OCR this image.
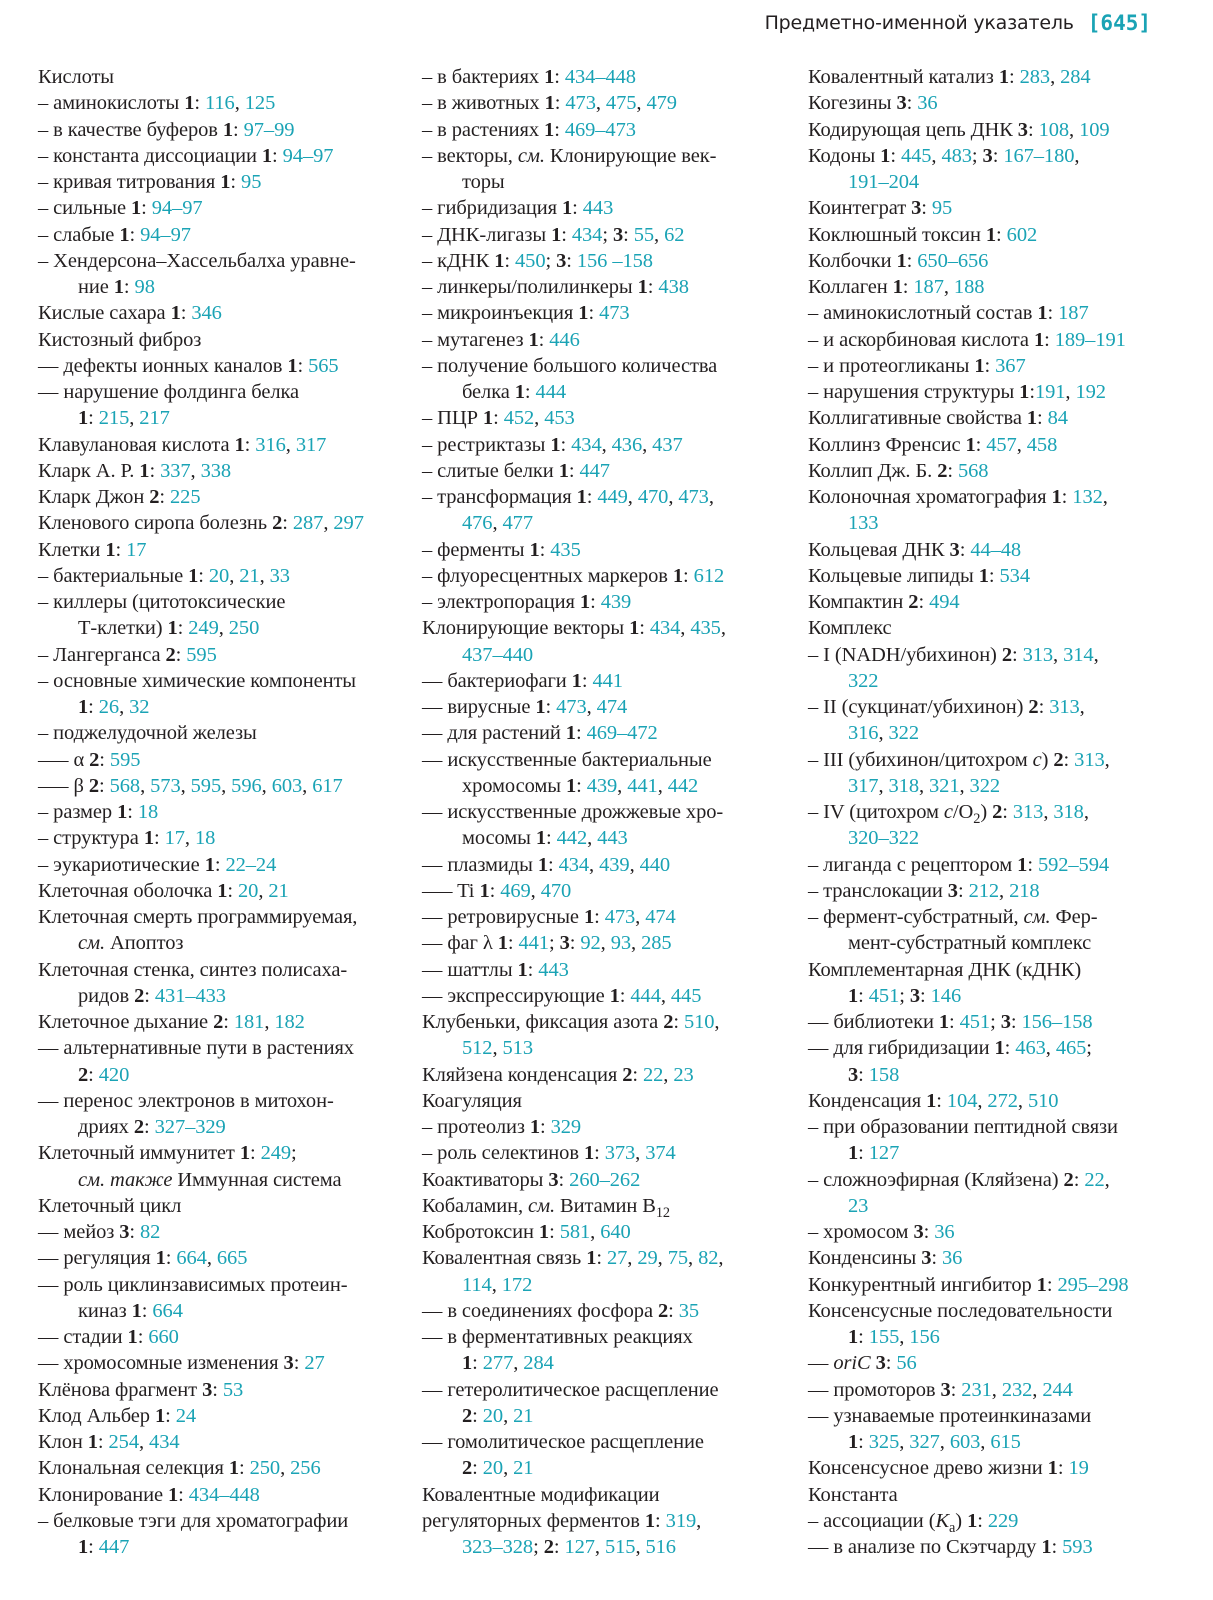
Предметно-именной указатель [645]
Кислоты
– аминокислоты 1: 116, 125
– в качестве буферов 1: 97–99
– константа диссоциации 1: 94–97
– кривая титрования 1: 95
– сильные 1: 94–97
– слабые 1: 94–97
– Хендерсона–Хассельбалха уравне-
ние 1: 98
Кислые сахара 1: 346
Кистозный фиброз
–– дефекты ионных каналов 1: 565
–– нарушение фолдинга белка
1: 215, 217
Клавулановая кислота 1: 316, 317
Кларк А. Р. 1: 337, 338
Кларк Джон 2: 225
Кленового сиропа болезнь 2: 287, 297
Клетки 1: 17
– бактериальные 1: 20, 21, 33
– киллеры (цитотоксические
Т-клетки) 1: 249, 250
– Лангерганса 2: 595
– основные химические компоненты
1: 26, 32
– поджелудочной железы
––– α 2: 595
––– β 2: 568, 573, 595, 596, 603, 617
– размер 1: 18
– структура 1: 17, 18
– эукариотические 1: 22–24
Клеточная оболочка 1: 20, 21
Клеточная смерть программируемая,
см. Апоптоз
Клеточная стенка, синтез полисаха-
ридов 2: 431–433
Клеточное дыхание 2: 181, 182
–– альтернативные пути в растениях
2: 420
–– перенос электронов в митохон-
дриях 2: 327–329
Клеточный иммунитет 1: 249;
см. также Иммунная система
Клеточный цикл
–– мейоз 3: 82
–– регуляция 1: 664, 665
–– роль циклинзависимых протеин-
киназ 1: 664
–– стадии 1: 660
–– хромосомные изменения 3: 27
Клёнова фрагмент 3: 53
Клод Альбер 1: 24
Клон 1: 254, 434
Клональная селекция 1: 250, 256
Клонирование 1: 434–448
– белковые тэги для хроматографии
1: 447
– в бактериях 1: 434–448
– в животных 1: 473, 475, 479
– в растениях 1: 469–473
– векторы, см. Клонирующие век-
торы
– гибридизация 1: 443
– ДНК-лигазы 1: 434; 3: 55, 62
– кДНК 1: 450; 3: 156 –158
– линкеры/полилинкеры 1: 438
– микроинъекция 1: 473
– мутагенез 1: 446
– получение большого количества
белка 1: 444
– ПЦР 1: 452, 453
– рестриктазы 1: 434, 436, 437
– слитые белки 1: 447
– трансформация 1: 449, 470, 473,
476, 477
– ферменты 1: 435
– флуоресцентных маркеров 1: 612
– электропорация 1: 439
Клонирующие векторы 1: 434, 435,
437–440
–– бактериофаги 1: 441
–– вирусные 1: 473, 474
–– для растений 1: 469–472
–– искусственные бактериальные
хромосомы 1: 439, 441, 442
–– искусственные дрожжевые хро-
мосомы 1: 442, 443
–– плазмиды 1: 434, 439, 440
––– Ti 1: 469, 470
–– ретровирусные 1: 473, 474
–– фаг λ 1: 441; 3: 92, 93, 285
–– шаттлы 1: 443
–– экспрессирующие 1: 444, 445
Клубеньки, фиксация азота 2: 510,
512, 513
Кляйзена конденсация 2: 22, 23
Коагуляция
– протеолиз 1: 329
– роль селектинов 1: 373, 374
Коактиваторы 3: 260–262
Кобаламин, см. Витамин $B_{12}$
Кобротоксин 1: 581, 640
Ковалентная связь 1: 27, 29, 75, 82,
114, 172
–– в соединениях фосфора 2: 35
–– в ферментативных реакциях
1: 277, 284
–– гетеролитическое расщепление
2: 20, 21
–– гомолитическое расщепление
2: 20, 21
Ковалентные модификации
регуляторных ферментов 1: 319,
323–328; 2: 127, 515, 516
Ковалентный катализ 1: 283, 284
Когезины 3: 36
Кодирующая цепь ДНК 3: 108, 109
Кодоны 1: 445, 483; 3: 167–180,
191–204
Коинтеграт 3: 95
Коклюшный токсин 1: 602
Колбочки 1: 650–656
Коллаген 1: 187, 188
– аминокислотный состав 1: 187
– и аскорбиновая кислота 1: 189–191
– и протеогликаны 1: 367
– нарушения структуры 1:191, 192
Коллигативные свойства 1: 84
Коллинз Френсис 1: 457, 458
Коллип Дж. Б. 2: 568
Колоночная хроматография 1: 132,
133
Кольцевая ДНК 3: 44–48
Кольцевые липиды 1: 534
Компактин 2: 494
Комплекс
– I (NADH/убихинон) 2: 313, 314,
322
– II (сукцинат/убихинон) 2: 313,
316, 322
– III (убихинон/цитохром c) 2: 313,
317, 318, 321, 322
– IV (цитохром $c/O_2$) 2: 313, 318,
320–322
– лиганда с рецептором 1: 592–594
– транслокации 3: 212, 218
– фермент-субстратный, см. Фер-
мент-субстратный комплекс
Комплементарная ДНК (кДНК)
1: 451; 3: 146
–– библиотеки 1: 451; 3: 156–158
–– для гибридизации 1: 463, 465;
3: 158
Конденсация 1: 104, 272, 510
– при образовании пептидной связи
1: 127
– сложноэфирная (Кляйзена) 2: 22,
23
– хромосом 3: 36
Конденсины 3: 36
Конкурентный ингибитор 1: 295–298
Консенсусные последовательности
1: 155, 156
–– oriC 3: 56
–– промоторов 3: 231, 232, 244
–– узнаваемые протеинкиназами
1: 325, 327, 603, 615
Консенсусное древо жизни 1: 19
Константа
– ассоциации $(K_a)$ 1: 229
–– в анализе по Скэтчарду 1: 593
